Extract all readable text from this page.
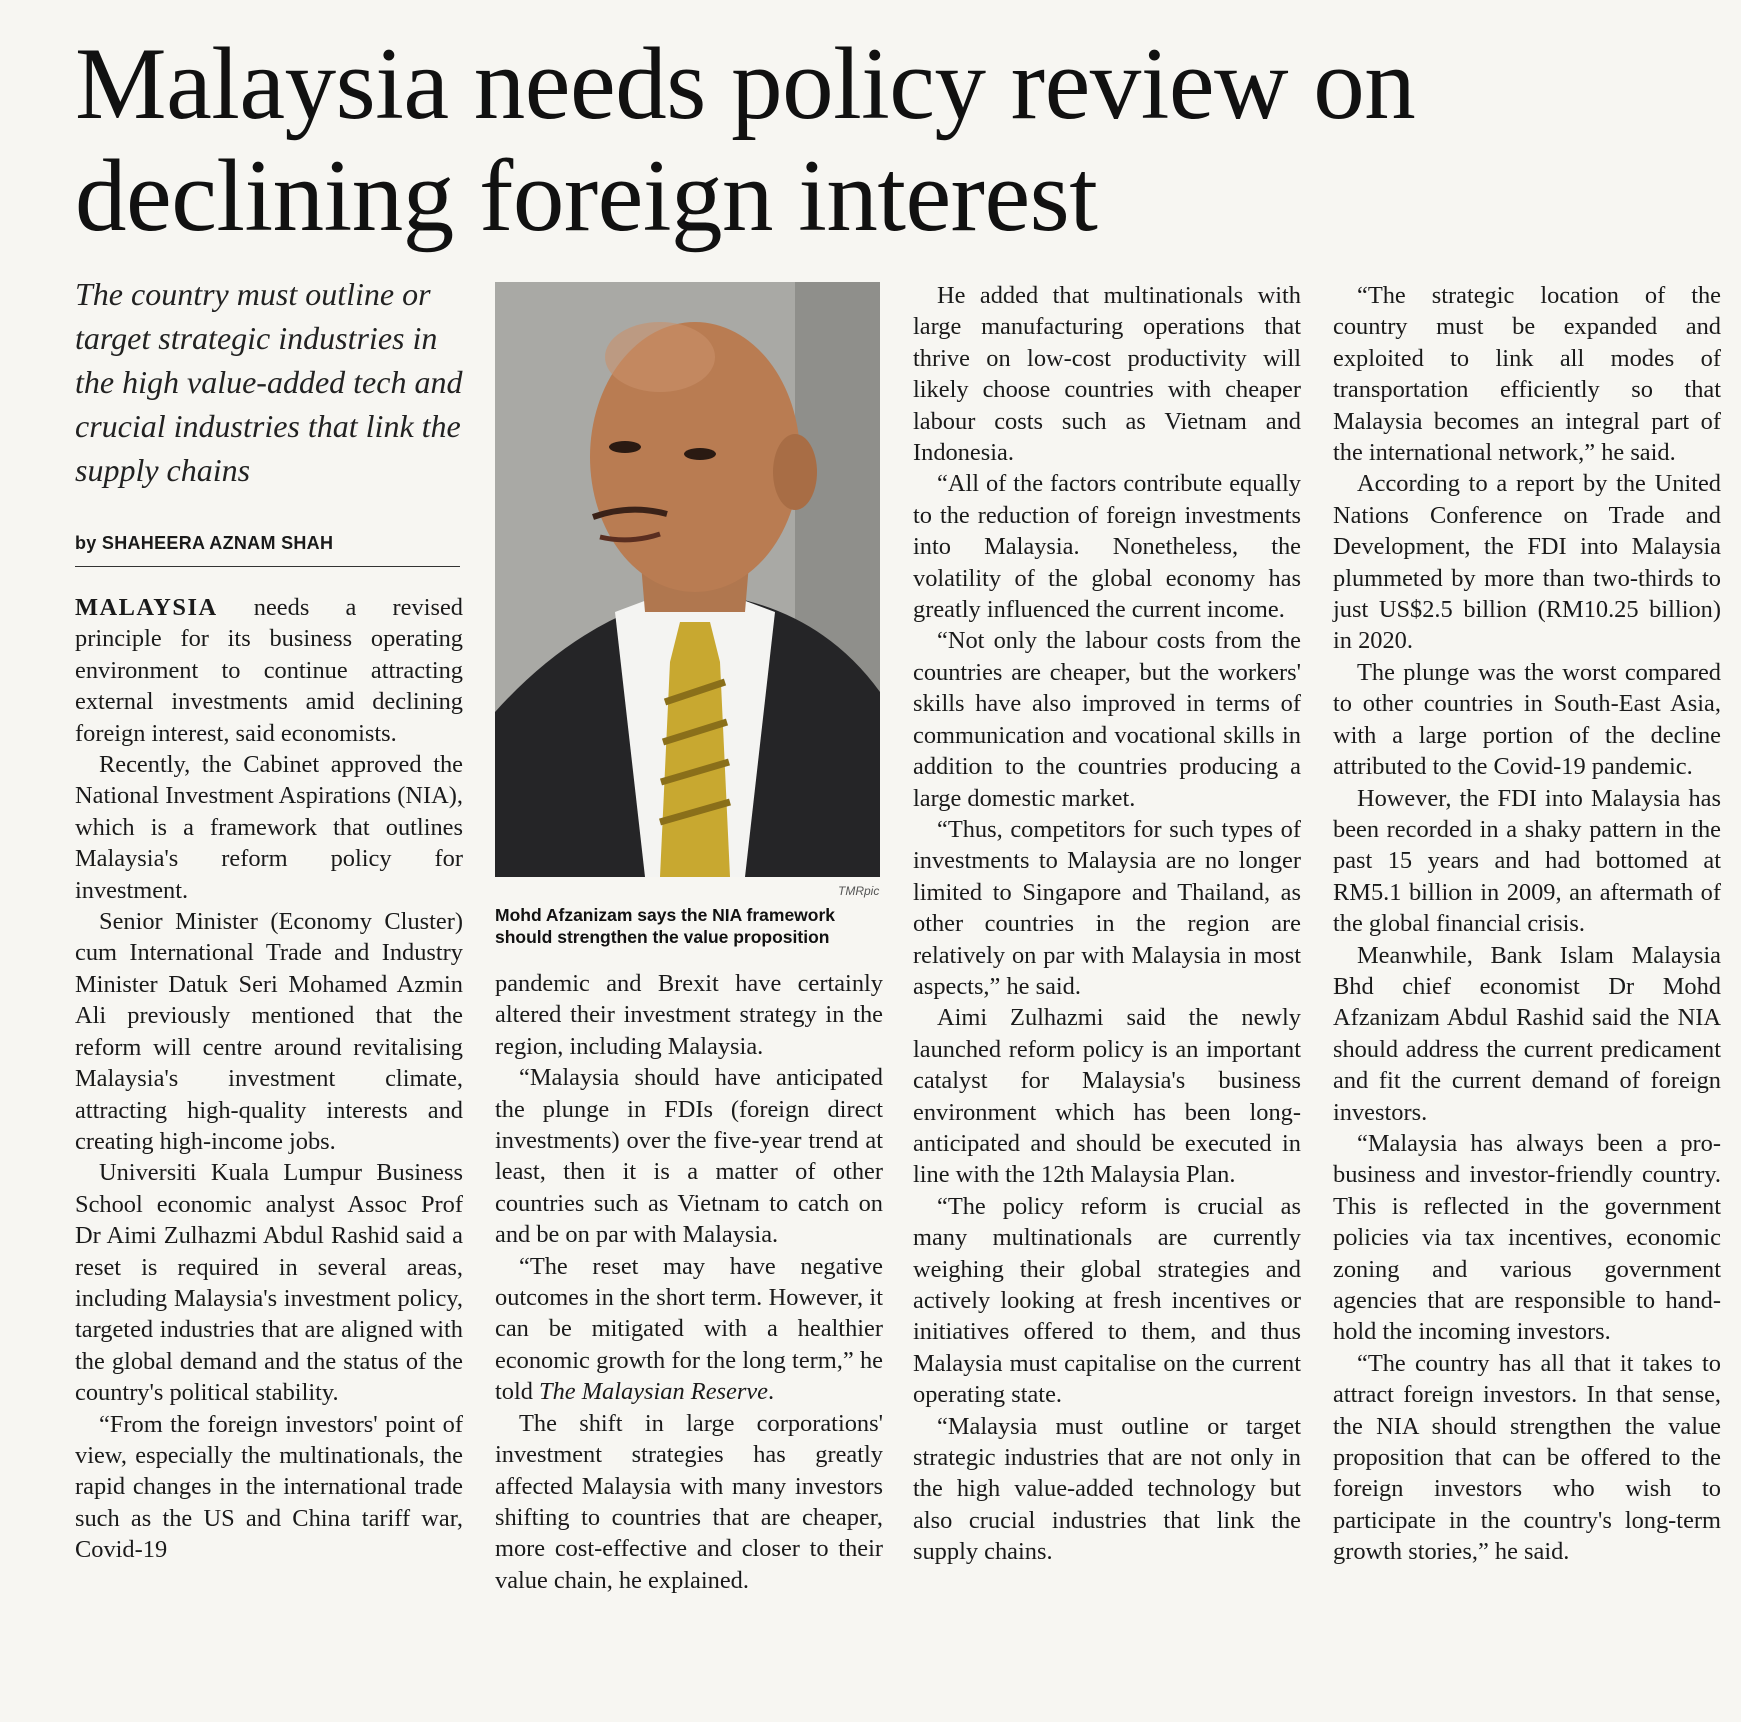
Malaysia needs policy review on declining foreign interest

The country must outline or target strategic industries in the high value-added tech and crucial industries that link the supply chains

by SHAHEERA AZNAM SHAH

MALAYSIA needs a revised principle for its business operating environment to continue attracting external investments amid declining foreign interest, said economists.

Recently, the Cabinet approved the National Investment Aspirations (NIA), which is a framework that outlines Malaysia's reform policy for investment.

Senior Minister (Economy Cluster) cum International Trade and Industry Minister Datuk Seri Mohamed Azmin Ali previously mentioned that the reform will centre around revitalising Malaysia's investment climate, attracting high-quality interests and creating high-income jobs.

Universiti Kuala Lumpur Business School economic analyst Assoc Prof Dr Aimi Zulhazmi Abdul Rashid said a reset is required in several areas, including Malaysia's investment policy, targeted industries that are aligned with the global demand and the status of the country's political stability.

“From the foreign investors' point of view, especially the multinationals, the rapid changes in the international trade such as the US and China tariff war, Covid-19

TMRpic
Mohd Afzanizam says the NIA framework should strengthen the value proposition

pandemic and Brexit have certainly altered their investment strategy in the region, including Malaysia.

“Malaysia should have anticipated the plunge in FDIs (foreign direct investments) over the five-year trend at least, then it is a matter of other countries such as Vietnam to catch on and be on par with Malaysia.

“The reset may have negative outcomes in the short term. However, it can be mitigated with a healthier economic growth for the long term,” he told The Malaysian Reserve.

The shift in large corporations' investment strategies has greatly affected Malaysia with many investors shifting to countries that are cheaper, more cost-effective and closer to their value chain, he explained.

He added that multinationals with large manufacturing operations that thrive on low-cost productivity will likely choose countries with cheaper labour costs such as Vietnam and Indonesia.

“All of the factors contribute equally to the reduction of foreign investments into Malaysia. Nonetheless, the volatility of the global economy has greatly influenced the current income.

“Not only the labour costs from the countries are cheaper, but the workers' skills have also improved in terms of communication and vocational skills in addition to the countries producing a large domestic market.

“Thus, competitors for such types of investments to Malaysia are no longer limited to Singapore and Thailand, as other countries in the region are relatively on par with Malaysia in most aspects,” he said.

Aimi Zulhazmi said the newly launched reform policy is an important catalyst for Malaysia's business environment which has been long-anticipated and should be executed in line with the 12th Malaysia Plan.

“The policy reform is crucial as many multinationals are currently weighing their global strategies and actively looking at fresh incentives or initiatives offered to them, and thus Malaysia must capitalise on the current operating state.

“Malaysia must outline or target strategic industries that are not only in the high value-added technology but also crucial industries that link the supply chains.

“The strategic location of the country must be expanded and exploited to link all modes of transportation efficiently so that Malaysia becomes an integral part of the international network,” he said.

According to a report by the United Nations Conference on Trade and Development, the FDI into Malaysia plummeted by more than two-thirds to just US$2.5 billion (RM10.25 billion) in 2020.

The plunge was the worst compared to other countries in South-East Asia, with a large portion of the decline attributed to the Covid-19 pandemic.

However, the FDI into Malaysia has been recorded in a shaky pattern in the past 15 years and had bottomed at RM5.1 billion in 2009, an aftermath of the global financial crisis.

Meanwhile, Bank Islam Malaysia Bhd chief economist Dr Mohd Afzanizam Abdul Rashid said the NIA should address the current predicament and fit the current demand of foreign investors.

“Malaysia has always been a pro-business and investor-friendly country. This is reflected in the government policies via tax incentives, economic zoning and various government agencies that are responsible to hand-hold the incoming investors.

“The country has all that it takes to attract foreign investors. In that sense, the NIA should strengthen the value proposition that can be offered to the foreign investors who wish to participate in the country's long-term growth stories,” he said.
